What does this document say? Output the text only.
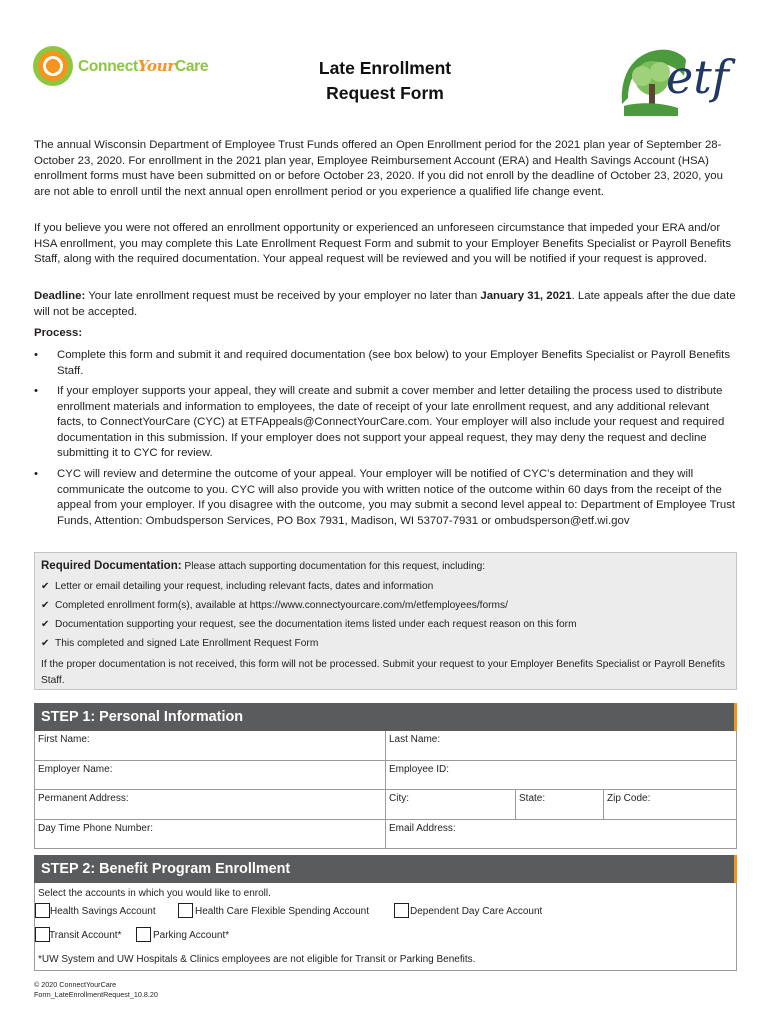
ConnectYourCare	Late Enrollment
Request Form	etf

The annual Wisconsin Department of Employee Trust Funds offered an Open Enrollment period for the 2021 plan year of September 28-October 23, 2020. For enrollment in the 2021 plan year, Employee Reimbursement Account (ERA) and Health Savings Account (HSA) enrollment forms must have been submitted on or before October 23, 2020. If you did not enroll by the deadline of October 23, 2020, you are not able to enroll until the next annual open enrollment period or you experience a qualified life change event.

If you believe you were not offered an enrollment opportunity or experienced an unforeseen circumstance that impeded your ERA and/or HSA enrollment, you may complete this Late Enrollment Request Form and submit to your Employer Benefits Specialist or Payroll Benefits Staff, along with the required documentation. Your appeal request will be reviewed and you will be notified if your request is approved.

Deadline: Your late enrollment request must be received by your employer no later than January 31, 2021. Late appeals after the due date will not be accepted.

Process:
• Complete this form and submit it and required documentation (see box below) to your Employer Benefits Specialist or Payroll Benefits Staff.
• If your employer supports your appeal, they will create and submit a cover member and letter detailing the process used to distribute enrollment materials and information to employees, the date of receipt of your late enrollment request, and any additional relevant facts, to ConnectYourCare (CYC) at ETFAppeals@ConnectYourCare.com. Your employer will also include your request and required documentation in this submission. If your employer does not support your appeal request, they may deny the request and decline submitting it to CYC for review.
• CYC will review and determine the outcome of your appeal. Your employer will be notified of CYC’s determination and they will communicate the outcome to you. CYC will also provide you with written notice of the outcome within 60 days from the receipt of the appeal from your employer. If you disagree with the outcome, you may submit a second level appeal to: Department of Employee Trust Funds, Attention: Ombudsperson Services, PO Box 7931, Madison, WI 53707-7931 or ombudsperson@etf.wi.gov
Required Documentation: Please attach supporting documentation for this request, including:
✔ Letter or email detailing your request, including relevant facts, dates and information
✔ Completed enrollment form(s), available at https://www.connectyourcare.com/m/etfemployees/forms/
✔ Documentation supporting your request, see the documentation items listed under each request reason on this form
✔ This completed and signed Late Enrollment Request Form
If the proper documentation is not received, this form will not be processed. Submit your request to your Employer Benefits Specialist or Payroll Benefits Staff.
STEP 1: Personal Information
First Name:	Last Name:
Employer Name:	Employee ID:
Permanent Address:	City:	State:	Zip Code:
Day Time Phone Number:	Email Address:
STEP 2: Benefit Program Enrollment
Select the accounts in which you would like to enroll.
Health Savings Account	Health Care Flexible Spending Account	Dependent Day Care Account
Transit Account*	Parking Account*
*UW System and UW Hospitals & Clinics employees are not eligible for Transit or Parking Benefits.
© 2020 ConnectYourCare
Form_LateEnrollmentRequest_10.8.20
